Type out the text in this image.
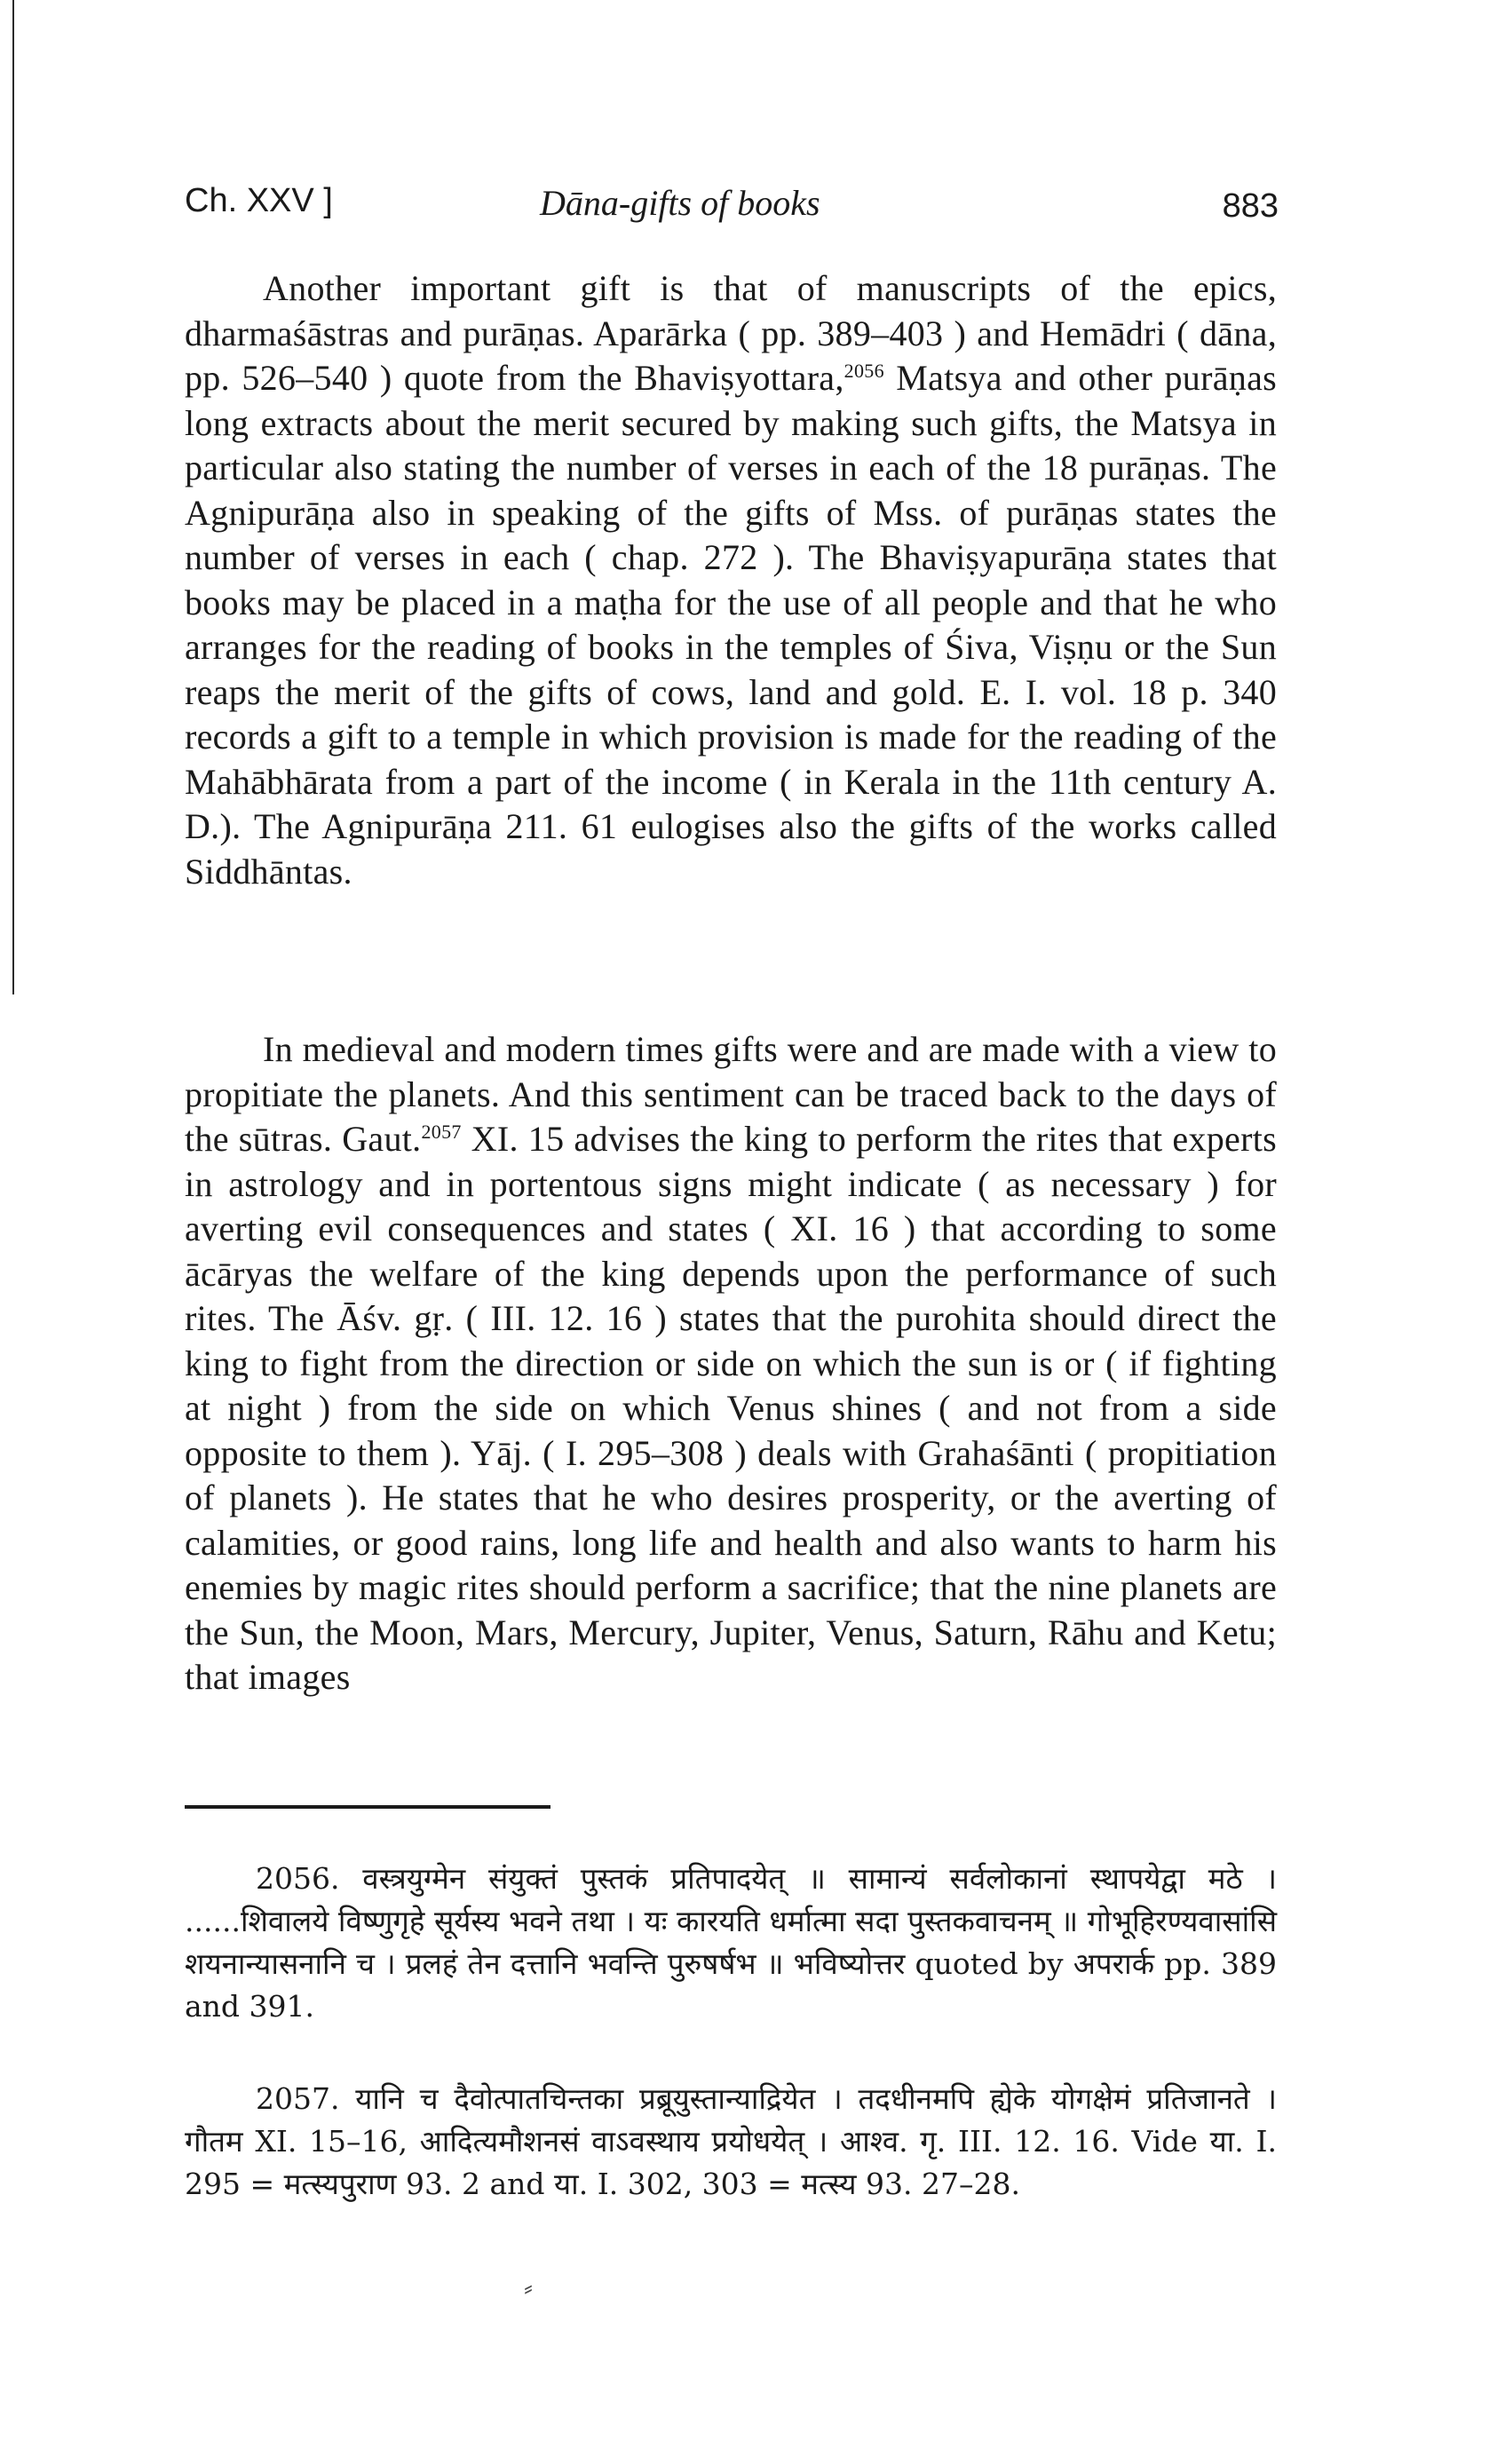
Ch. XXV ]	Dāna-gifts of books	883

Another important gift is that of manuscripts of the epics, dharmaśāstras and purāṇas. Aparārka ( pp. 389–403 ) and Hemādri ( dāna, pp. 526–540 ) quote from the Bhaviṣyottara,$^{2056}$ Matsya and other purāṇas long extracts about the merit secured by making such gifts, the Matsya in particular also stating the number of verses in each of the 18 purāṇas. The Agnipurāṇa also in speaking of the gifts of Mss. of purāṇas states the number of verses in each ( chap. 272 ). The Bhaviṣyapurāṇa states that books may be placed in a maṭha for the use of all people and that he who arranges for the reading of books in the temples of Śiva, Viṣṇu or the Sun reaps the merit of the gifts of cows, land and gold. E. I. vol. 18 p. 340 records a gift to a temple in which provision is made for the reading of the Mahābhārata from a part of the income ( in Kerala in the 11th century A. D.). The Agnipurāṇa 211. 61 eulogises also the gifts of the works called Siddhāntas.

In medieval and modern times gifts were and are made with a view to propitiate the planets. And this sentiment can be traced back to the days of the sūtras. Gaut.$^{2057}$ XI. 15 advises the king to perform the rites that experts in astrology and in portentous signs might indicate ( as necessary ) for averting evil consequences and states ( XI. 16 ) that according to some ācāryas the welfare of the king depends upon the performance of such rites. The Āśv. gṛ. ( III. 12. 16 ) states that the purohita should direct the king to fight from the direction or side on which the sun is or ( if fighting at night ) from the side on which Venus shines ( and not from a side opposite to them ). Yāj. ( I. 295–308 ) deals with Grahaśānti ( propitiation of planets ). He states that he who desires prosperity, or the averting of calamities, or good rains, long life and health and also wants to harm his enemies by magic rites should perform a sacrifice; that the nine planets are the Sun, the Moon, Mars, Mercury, Jupiter, Venus, Saturn, Rāhu and Ketu; that images

2056. वस्त्रयुग्मेन संयुक्तं पुस्तकं प्रतिपादयेत् ॥ सामान्यं सर्वलोकानां स्थापयेद्वा मठे । ......शिवालये विष्णुगृहे सूर्यस्य भवने तथा । यः कारयति धर्मात्मा सदा पुस्तकवाचनम् ॥ गोभूहिरण्यवासांसि शयनान्यासनानि च । प्रलहं तेन दत्तानि भवन्ति पुरुषर्षभ ॥ भविष्योत्तर quoted by अपरार्क pp. 389 and 391.

2057. यानि च दैवोत्पातचिन्तका प्रब्रूयुस्तान्याद्रियेत । तदधीनमपि ह्येके योगक्षेमं प्रतिजानते । गौतम XI. 15–16, आदित्यमौशनसं वाऽवस्थाय प्रयोधयेत् । आश्व. गृ. III. 12. 16. Vide या. I. 295 = मत्स्यपुराण 93. 2 and या. I. 302, 303 = मत्स्य 93. 27–28.

⸗
